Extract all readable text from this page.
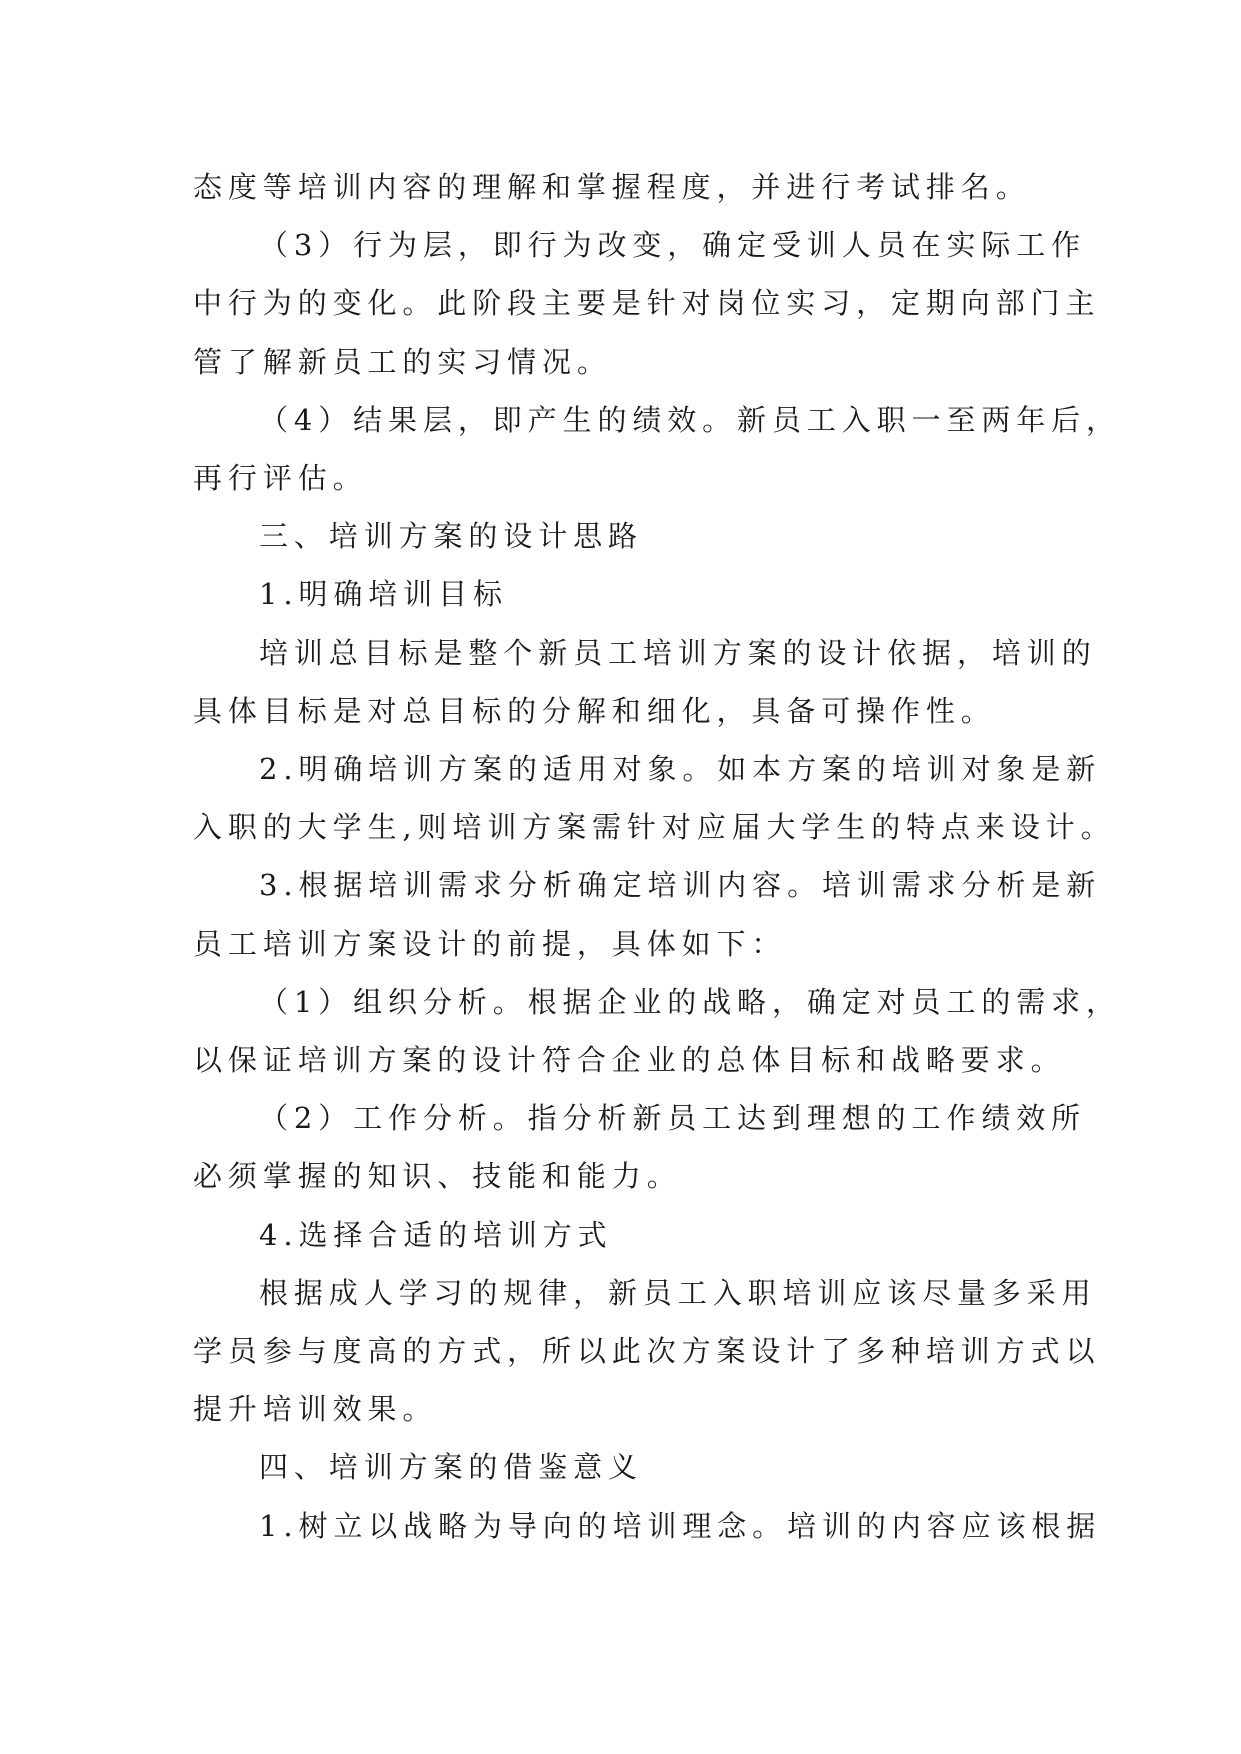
态度等培训内容的理解和掌握程度，并进行考试排名。

（3）行为层，即行为改变，确定受训人员在实际工作
中行为的变化。此阶段主要是针对岗位实习，定期向部门主
管了解新员工的实习情况。

（4）结果层，即产生的绩效。新员工入职一至两年后，
再行评估。

三、培训方案的设计思路

1.明确培训目标

培训总目标是整个新员工培训方案的设计依据，培训的
具体目标是对总目标的分解和细化，具备可操作性。

2.明确培训方案的适用对象。如本方案的培训对象是新
入职的大学生,则培训方案需针对应届大学生的特点来设计。

3.根据培训需求分析确定培训内容。培训需求分析是新
员工培训方案设计的前提，具体如下：

（1）组织分析。根据企业的战略，确定对员工的需求，
以保证培训方案的设计符合企业的总体目标和战略要求。

（2）工作分析。指分析新员工达到理想的工作绩效所
必须掌握的知识、技能和能力。

4.选择合适的培训方式

根据成人学习的规律，新员工入职培训应该尽量多采用
学员参与度高的方式，所以此次方案设计了多种培训方式以
提升培训效果。

四、培训方案的借鉴意义

1.树立以战略为导向的培训理念。培训的内容应该根据
